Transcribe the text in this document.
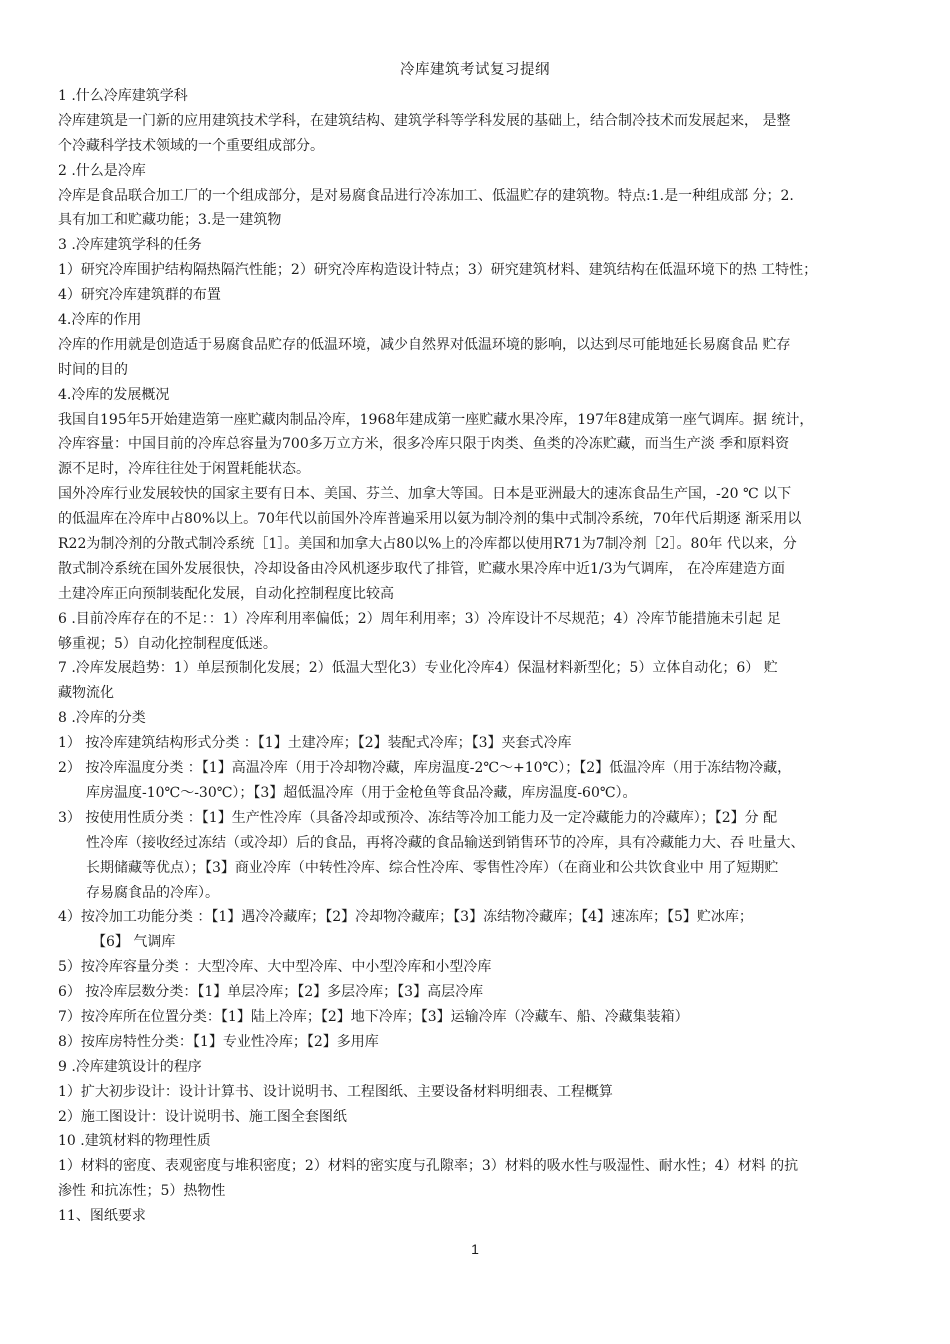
冷库建筑考试复习提纲
1 .什么冷库建筑学科
冷库建筑是一门新的应用建筑技术学科，在建筑结构、建筑学科等学科发展的基础上，结合制冷技术而发展起来， 是整
个冷藏科学技术领域的一个重要组成部分。
2 .什么是冷库
冷库是食品联合加工厂的一个组成部分，是对易腐食品进行冷冻加工、低温贮存的建筑物。特点:1.是一种组成部 分；2.
具有加工和贮藏功能；3.是一建筑物
3 .冷库建筑学科的任务
1）研究冷库围护结构隔热隔汽性能；2）研究冷库构造设计特点；3）研究建筑材料、建筑结构在低温环境下的热 工特性；
4）研究冷库建筑群的布置
4.冷库的作用
冷库的作用就是创造适于易腐食品贮存的低温环境，减少自然界对低温环境的影响，以达到尽可能地延长易腐食品 贮存
时间的目的
4.冷库的发展概况
我国自195年5开始建造第一座贮藏肉制品冷库，1968年建成第一座贮藏水果冷库，197年8建成第一座气调库。据 统计，
冷库容量：中国目前的冷库总容量为700多万立方米，很多冷库只限于肉类、鱼类的冷冻贮藏，而当生产淡 季和原料资
源不足时，冷库往往处于闲置耗能状态。
国外冷库行业发展较快的国家主要有日本、美国、芬兰、加拿大等国。日本是亚洲最大的速冻食品生产国，-20 ℃ 以下
的低温库在冷库中占80%以上。70年代以前国外冷库普遍采用以氨为制冷剂的集中式制冷系统，70年代后期逐 渐采用以
R22为制冷剂的分散式制冷系统［1］。美国和加拿大占80以%上的冷库都以使用R71为7制冷剂［2］。80年 代以来，分
散式制冷系统在国外发展很快，冷却设备由冷风机逐步取代了排管，贮藏水果冷库中近1/3为气调库， 在冷库建造方面
土建冷库正向预制装配化发展，自动化控制程度比较高
6 .目前冷库存在的不足：：1）冷库利用率偏低；2）周年利用率；3）冷库设计不尽规范；4）冷库节能措施未引起 足
够重视；5）自动化控制程度低迷。
7 .冷库发展趋势：1）单层预制化发展；2）低温大型化3）专业化冷库4）保温材料新型化；5）立体自动化；6） 贮
藏物流化
8 .冷库的分类
1） 按冷库建筑结构形式分类 ：【1】土建冷库；【2】装配式冷库；【3】夹套式冷库
2） 按冷库温度分类 ：【1】高温冷库（用于冷却物冷藏，库房温度-2℃～+10℃）；【2】低温冷库（用于冻结物冷藏，
库房温度-10℃～-30℃）；【3】超低温冷库（用于金枪鱼等食品冷藏，库房温度-60℃）。
3） 按使用性质分类 ：【1】生产性冷库（具备冷却或预冷、冻结等冷加工能力及一定冷藏能力的冷藏库）；【2】分 配
性冷库（接收经过冻结（或冷却）后的食品，再将冷藏的食品输送到销售环节的冷库，具有冷藏能力大、吞 吐量大、
长期储藏等优点）；【3】商业冷库（中转性冷库、综合性冷库、零售性冷库）（在商业和公共饮食业中 用了短期贮
存易腐食品的冷库）。
4）按冷加工功能分类 ：【1】遇冷冷藏库；【2】冷却物冷藏库；【3】冻结物冷藏库；【4】速冻库；【5】贮冰库；
【6】 气调库
5）按冷库容量分类 ：大型冷库、大中型冷库、中小型冷库和小型冷库
6） 按冷库层数分类：【1】单层冷库；【2】多层冷库；【3】高层冷库
7）按冷库所在位置分类：【1】陆上冷库；【2】地下冷库；【3】运输冷库（冷藏车、船、冷藏集装箱）
8）按库房特性分类：【1】专业性冷库；【2】多用库
9 .冷库建筑设计的程序
1）扩大初步设计：设计计算书、设计说明书、工程图纸、主要设备材料明细表、工程概算
2）施工图设计：设计说明书、施工图全套图纸
10 .建筑材料的物理性质
1）材料的密度、表观密度与堆积密度；2）材料的密实度与孔隙率；3）材料的吸水性与吸湿性、耐水性；4）材料 的抗
渗性 和抗冻性；5）热物性
11、图纸要求
1
